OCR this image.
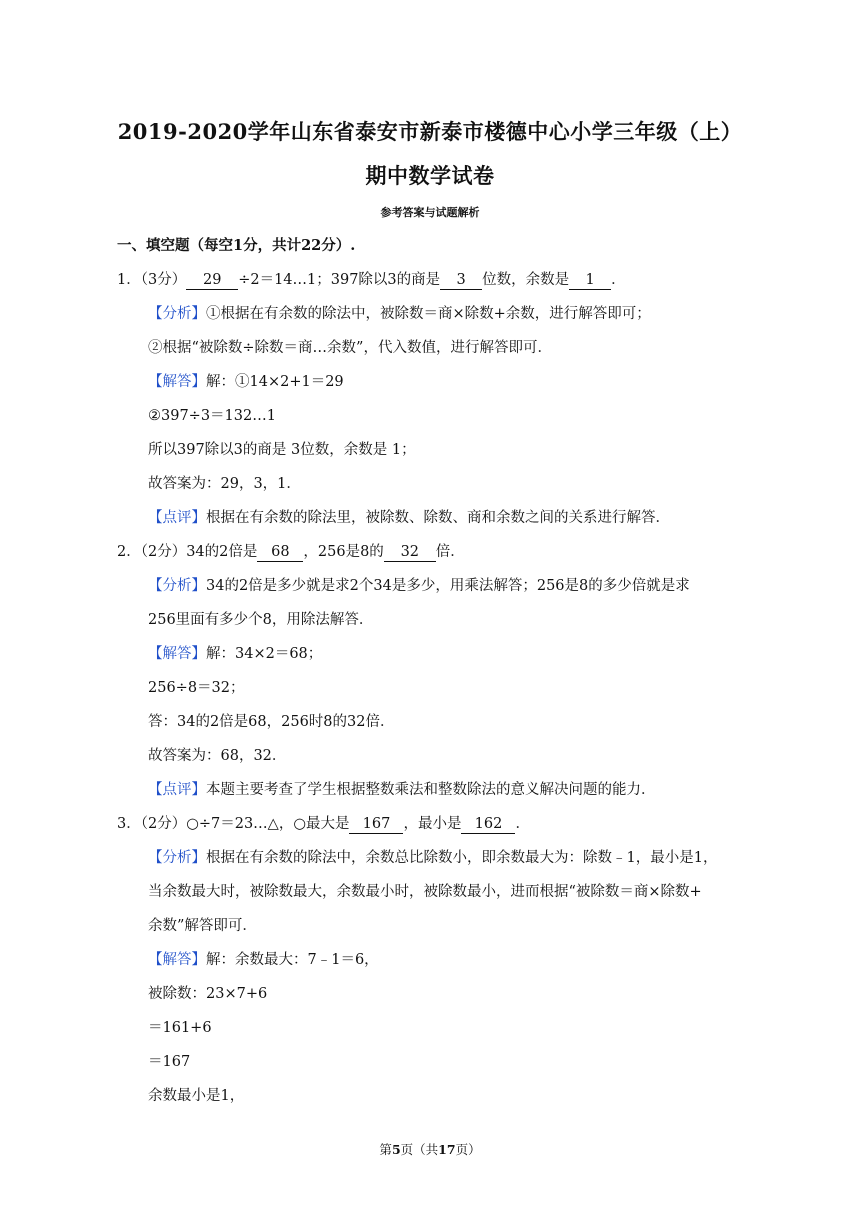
2019-2020学年山东省泰安市新泰市楼德中心小学三年级（上）
期中数学试卷
参考答案与试题解析
一、填空题（每空1分，共计22分）.
1．（3分） 29 ÷2＝14…1；397除以3的商是 3 位数，余数是 1 ．
【分析】①根据在有余数的除法中，被除数＝商×除数+余数，进行解答即可；
②根据“被除数÷除数＝商…余数”，代入数值，进行解答即可．
【解答】解：①14×2+1＝29
②397÷3＝132…1
所以397除以3的商是 3位数，余数是 1；
故答案为：29，3，1．
【点评】根据在有余数的除法里，被除数、除数、商和余数之间的关系进行解答．
2．（2分）34的2倍是 68 ，256是8的 32 倍．
【分析】34的2倍是多少就是求2个34是多少，用乘法解答；256是8的多少倍就是求
256里面有多少个8，用除法解答．
【解答】解：34×2＝68；
256÷8＝32；
答：34的2倍是68，256时8的32倍．
故答案为：68，32．
【点评】本题主要考查了学生根据整数乘法和整数除法的意义解决问题的能力．
3．（2分）○÷7＝23…△，○最大是 167 ，最小是 162 ．
【分析】根据在有余数的除法中，余数总比除数小，即余数最大为：除数﹣1，最小是1，
当余数最大时，被除数最大，余数最小时，被除数最小，进而根据“被除数＝商×除数+
余数”解答即可．
【解答】解：余数最大：7﹣1＝6，
被除数：23×7+6
＝161+6
＝167
余数最小是1，
第5页（共17页）
